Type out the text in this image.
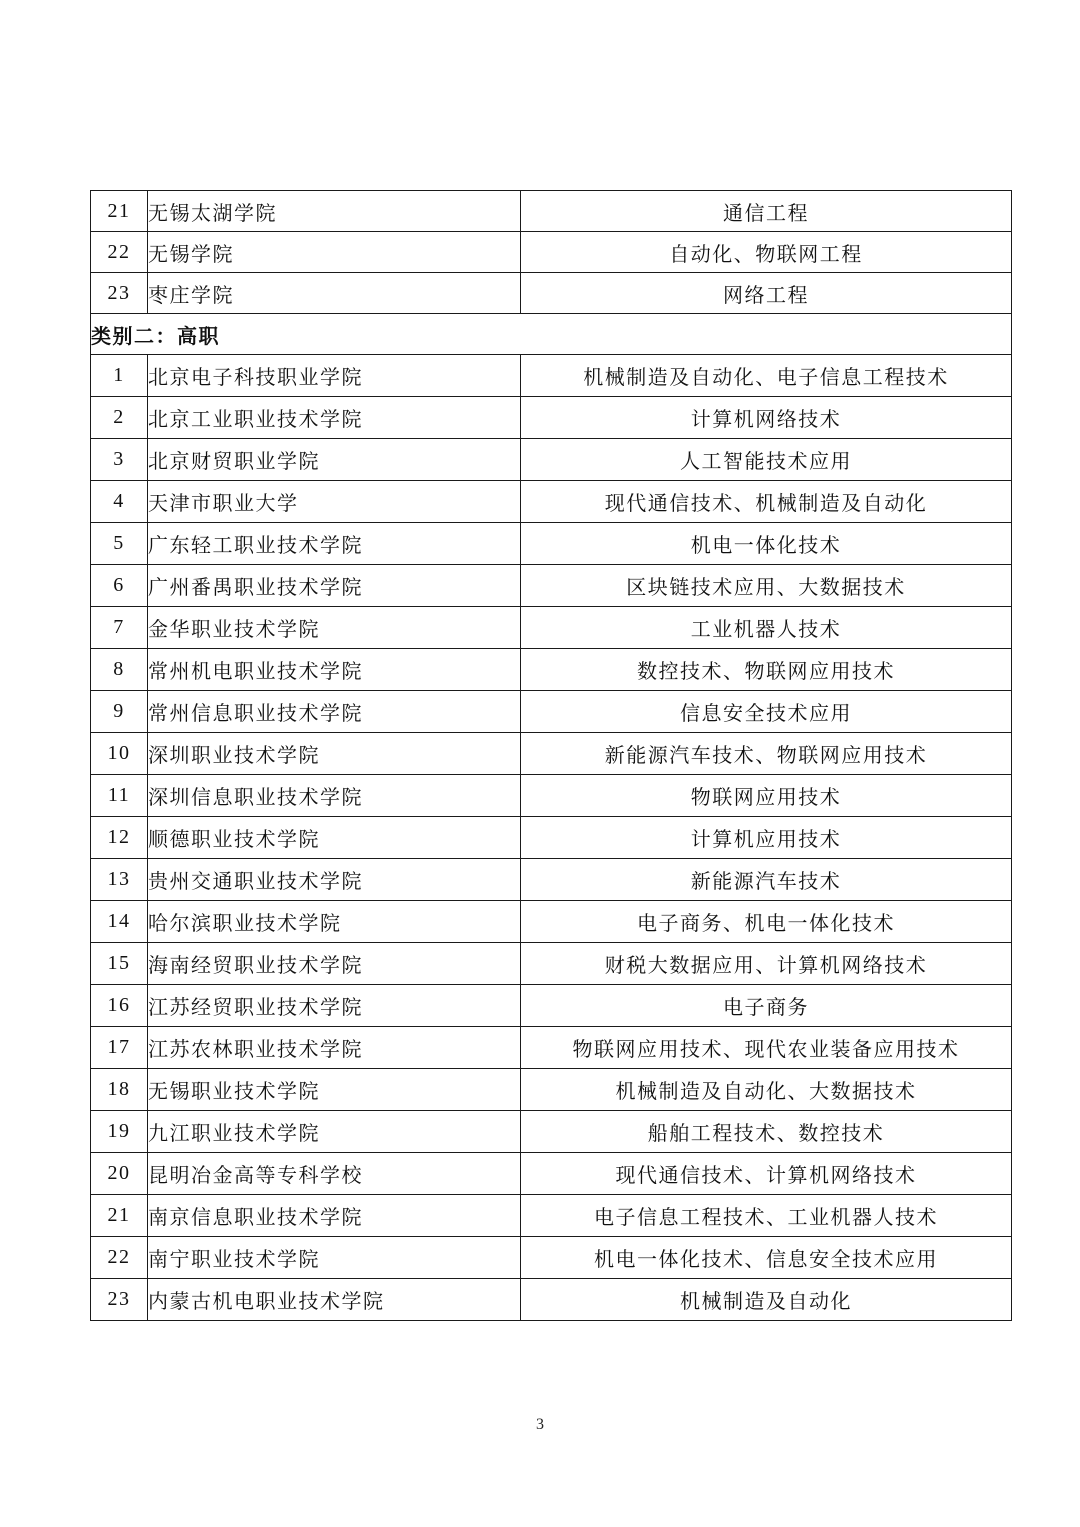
21	无锡太湖学院	通信工程
22	无锡学院	自动化、物联网工程
23	枣庄学院	网络工程
类别二：高职		
1	北京电子科技职业学院	机械制造及自动化、电子信息工程技术
2	北京工业职业技术学院	计算机网络技术
3	北京财贸职业学院	人工智能技术应用
4	天津市职业大学	现代通信技术、机械制造及自动化
5	广东轻工职业技术学院	机电一体化技术
6	广州番禺职业技术学院	区块链技术应用、大数据技术
7	金华职业技术学院	工业机器人技术
8	常州机电职业技术学院	数控技术、物联网应用技术
9	常州信息职业技术学院	信息安全技术应用
10	深圳职业技术学院	新能源汽车技术、物联网应用技术
11	深圳信息职业技术学院	物联网应用技术
12	顺德职业技术学院	计算机应用技术
13	贵州交通职业技术学院	新能源汽车技术
14	哈尔滨职业技术学院	电子商务、机电一体化技术
15	海南经贸职业技术学院	财税大数据应用、计算机网络技术
16	江苏经贸职业技术学院	电子商务
17	江苏农林职业技术学院	物联网应用技术、现代农业装备应用技术
18	无锡职业技术学院	机械制造及自动化、大数据技术
19	九江职业技术学院	船舶工程技术、数控技术
20	昆明冶金高等专科学校	现代通信技术、计算机网络技术
21	南京信息职业技术学院	电子信息工程技术、工业机器人技术
22	南宁职业技术学院	机电一体化技术、信息安全技术应用
23	内蒙古机电职业技术学院	机械制造及自动化
3
